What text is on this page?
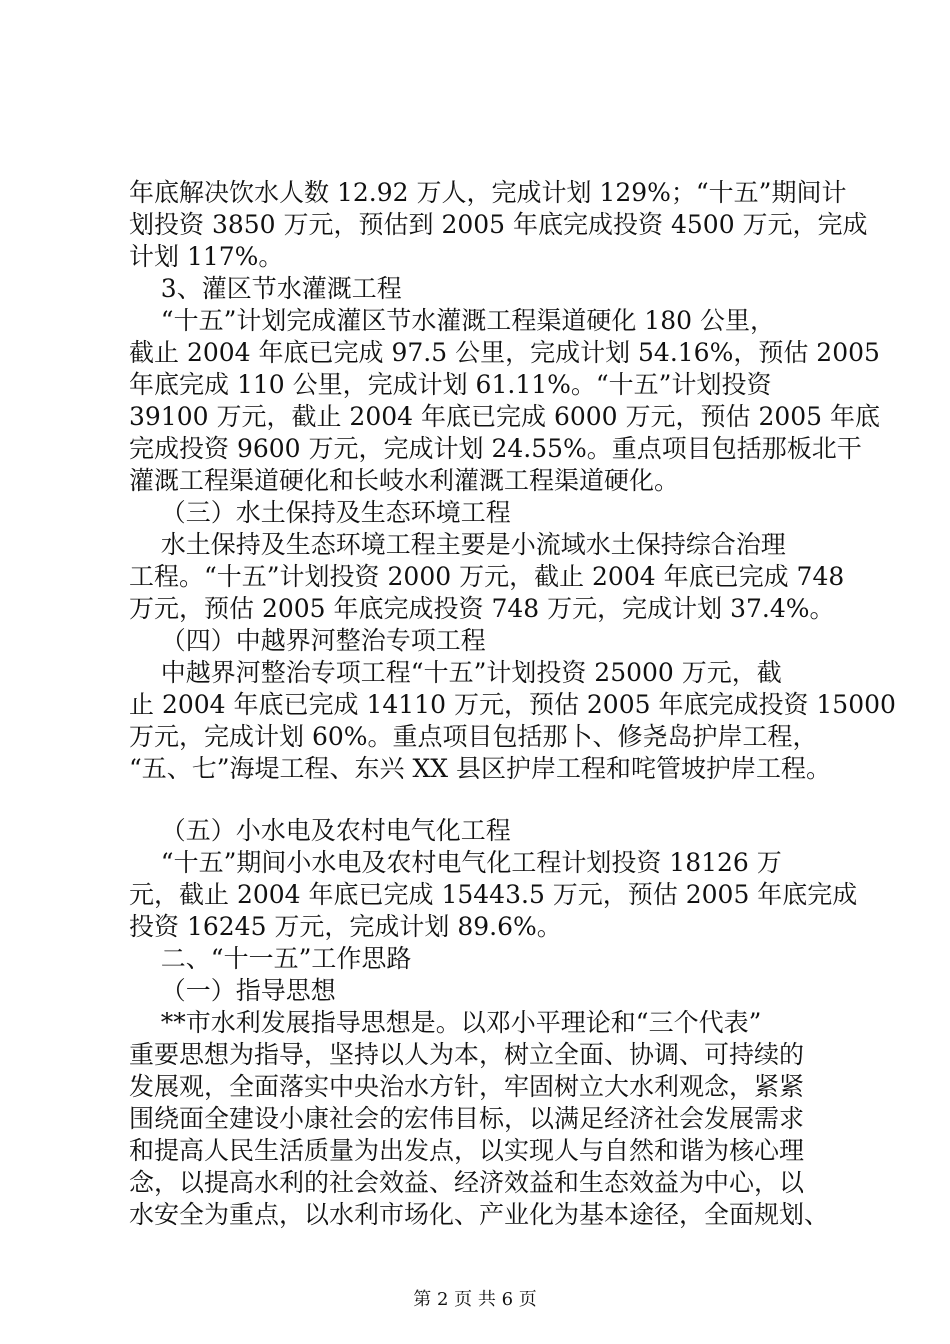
年底解决饮水人数 12.92 万人，完成计划 129%；“十五”期间计
划投资 3850 万元，预估到 2005 年底完成投资 4500 万元，完成
计划 117%。
3、灌区节水灌溉工程
“十五”计划完成灌区节水灌溉工程渠道硬化 180 公里，
截止 2004 年底已完成 97.5 公里，完成计划 54.16%，预估 2005
年底完成 110 公里，完成计划 61.11%。“十五”计划投资
39100 万元，截止 2004 年底已完成 6000 万元，预估 2005 年底
完成投资 9600 万元，完成计划 24.55%。重点项目包括那板北干
灌溉工程渠道硬化和长岐水利灌溉工程渠道硬化。
（三）水土保持及生态环境工程
水土保持及生态环境工程主要是小流域水土保持综合治理
工程。“十五”计划投资 2000 万元，截止 2004 年底已完成 748
万元，预估 2005 年底完成投资 748 万元，完成计划 37.4%。
（四）中越界河整治专项工程
中越界河整治专项工程“十五”计划投资 25000 万元，截
止 2004 年底已完成 14110 万元，预估 2005 年底完成投资 15000
万元，完成计划 60%。重点项目包括那卜、修尧岛护岸工程，
“五、七”海堤工程、东兴 XX 县区护岸工程和咤管坡护岸工程。
（五）小水电及农村电气化工程
“十五”期间小水电及农村电气化工程计划投资 18126 万
元，截止 2004 年底已完成 15443.5 万元，预估 2005 年底完成
投资 16245 万元，完成计划 89.6%。
二、“十一五”工作思路
（一）指导思想
**市水利发展指导思想是。以邓小平理论和“三个代表”
重要思想为指导，坚持以人为本，树立全面、协调、可持续的
发展观，全面落实中央治水方针，牢固树立大水利观念，紧紧
围绕面全建设小康社会的宏伟目标，以满足经济社会发展需求
和提高人民生活质量为出发点，以实现人与自然和谐为核心理
念，以提高水利的社会效益、经济效益和生态效益为中心，以
水安全为重点，以水利市场化、产业化为基本途径，全面规划、
第 2 页 共 6 页
